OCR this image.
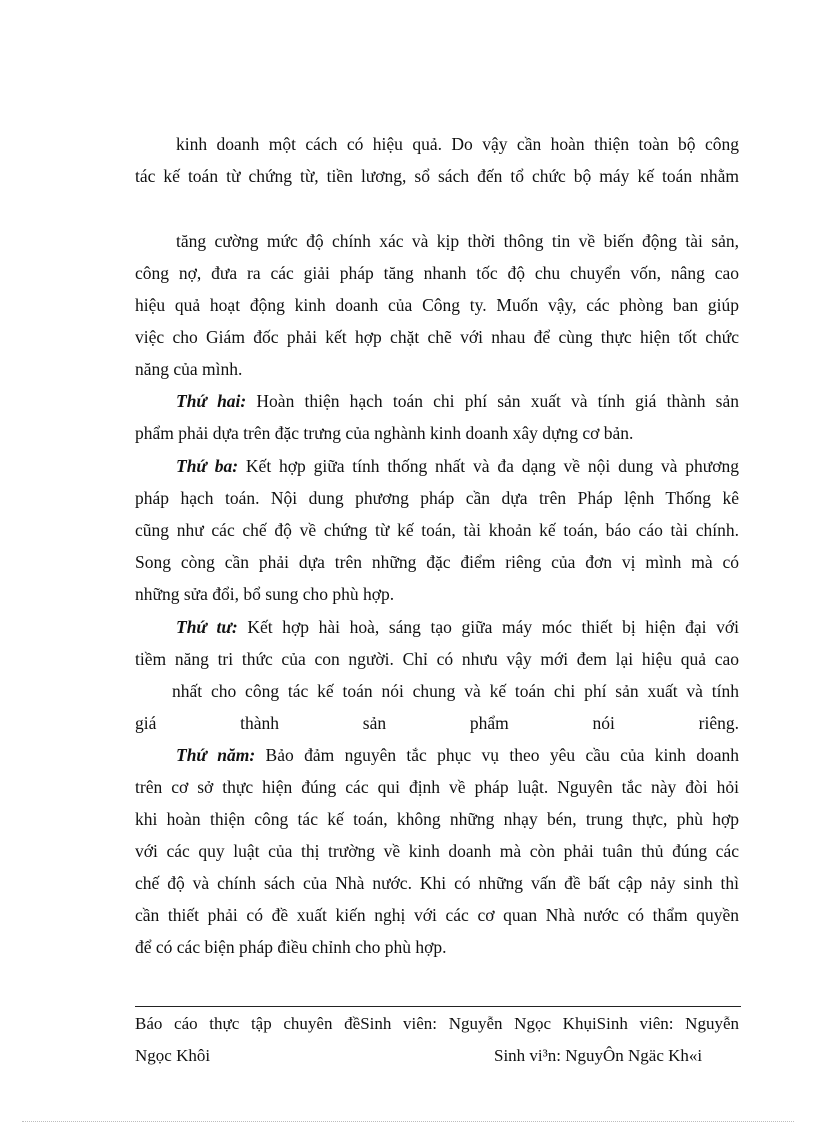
kinh doanh một cách có hiệu quả. Do vậy cần hoàn thiện toàn bộ công
tác kế toán từ chứng từ, tiền lương, sổ sách đến tổ chức bộ máy kế toán nhằm
tăng cường mức độ chính xác và kịp thời thông tin về biến động tài sản,
công nợ, đưa ra các giải pháp tăng nhanh tốc độ chu chuyển vốn, nâng cao
hiệu quả hoạt động kinh doanh của Công ty. Muốn vậy, các phòng ban giúp
việc cho Giám đốc phải kết hợp chặt chẽ với nhau để cùng thực hiện tốt chức
năng của mình.
Thứ hai: Hoàn thiện hạch toán chi phí sản xuất và tính giá thành sản
phẩm phải dựa trên đặc trưng của nghành kinh doanh xây dựng cơ bản.
Thứ ba: Kết hợp giữa tính thống nhất và đa dạng về nội dung và phương
pháp hạch toán. Nội dung phương pháp cần dựa trên Pháp lệnh Thống kê
cũng như các chế độ về chứng từ kế toán, tài khoản kế toán, báo cáo tài chính.
Song còng cần phải dựa trên những đặc điểm riêng của đơn vị mình mà có
những sửa đổi, bổ sung cho phù hợp.
Thứ tư: Kết hợp hài hoà, sáng tạo giữa máy móc thiết bị hiện đại với
tiềm năng tri thức của con người. Chỉ có nhưu vậy mới đem lại hiệu quả cao
nhất cho công tác kế toán nói chung và kế toán chi phí sản xuất và tính
giá thành sản phẩm nói riêng.
Thứ năm: Bảo đảm nguyên tắc phục vụ theo yêu cầu của kinh doanh
trên cơ sở thực hiện đúng các qui định về pháp luật. Nguyên tắc này đòi hỏi
khi hoàn thiện công tác kế toán, không những nhạy bén, trung thực, phù hợp
với các quy luật của thị trường về kinh doanh mà còn phải tuân thủ đúng các
chế độ và chính sách của Nhà nước. Khi có những vấn đề bất cập nảy sinh thì
cần thiết phải có đề xuất kiến nghị với các cơ quan Nhà nước có thẩm quyền
để có các biện pháp điều chỉnh cho phù hợp.
Báo cáo thực tập chuyên đềSinh viên: Nguyễn Ngọc KhụiSinh viên: Nguyễn
Ngọc Khôi	Sinh vi³n: NguyÔn Ngäc Kh«i
